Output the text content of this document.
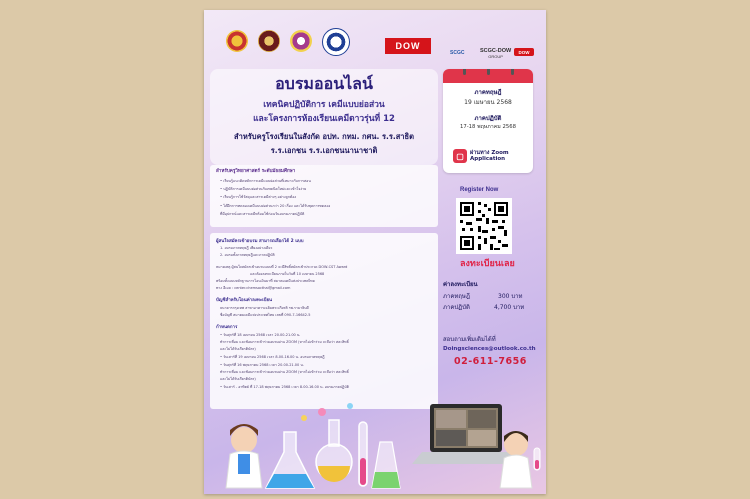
DOW
SCGC	SCGC-DOW
GROUP
DOW
อบรมออนไลน์
เทคนิคปฏิบัติการ เคมีแบบย่อส่วน
และโครงการห้องเรียนเคมีดาวรุ่นที่ 12
สำหรับครูโรงเรียนในสังกัด อปท. กทม. กศน. ร.ร.สาธิต
ร.ร.เอกชน ร.ร.เอกชนนานาชาติ
ภาคทฤษฎี
19 เมษายน 2568
ภาคปฏิบัติ
17-18 พฤษภาคม 2568
▢	ผ่านทาง Zoom
Application
สำหรับครูวิทยาศาสตร์ ระดับมัธยมศึกษา
• เรียนรู้แนวคิดหลักการเคมีแบบย่อส่วนที่เหมาะกับการสอน
• ปฏิบัติการเคมีแบบย่อส่วนกับเทคนิคใหม่และเข้าใจง่าย
• เรียนรู้การใช้วัสดุและสารเคมีต่างๆ อย่างถูกต้อง
• ได้ฝึกการทดลองเคมีแบบย่อส่วนกว่า 20 เรื่อง และได้รับชุดการทดลอง
ที่มีอุปกรณ์และสารเคมีพร้อมใช้ก่อนวันอบรมภาคปฏิบัติ
Register Now
ลงทะเบียนเลย
ผู้สนใจสมัครเข้าอบรม สามารถเลือกได้ 2 แบบ
1. อบรมภาคทฤษฎี เพียงอย่างเดียว
2. อบรมทั้งภาคทฤษฎีและภาคปฏิบัติ
หมายเหตุ ผู้สนใจสมัครเข้าอบรมแบบที่ 2 จะมีสิทธิ์สมัครเข้าประกวด DOW-CST Award
และต้องลงทะเบียนภายในวันที่ 10 เมษายน 2568
พร้อมทั้งแนบหลักฐานการโอนเงินมาที่ สมาคมเคมีแห่งประเทศไทย
ทาง อีเมล : center.chemsocthai@gmail.com
บัญชีสำหรับโอนค่าลงทะเบียน
ธนาคารกรุงเทพ สาขาอาคารเฉลิมพระเกียรติ รพ.รามาธิบดี
ชื่อบัญชี สมาคมเคมีแห่งประเทศไทย เลขที่ 090-7-16642-5
กำหนดการ
• วันศุกร์ที่ 18 เมษายน 2568 เวลา 20.00-21.00 น.
ทำการเชื่อม และซ้อมการเข้าร่วมอบรมผ่าน ZOOM (หากไม่เข้าร่วม จะถือว่า สละสิทธิ์
และไม่ได้รับเกียรติบัตร)
• วันเสาร์ที่ 19 เมษายน 2568 เวลา 8.00-16.00 น. อบรมภาคทฤษฎี
• วันศุกร์ที่ 16 พฤษภาคม 2568 เวลา 20.00-21.00 น.
ทำการเชื่อม และซ้อมการเข้าร่วมอบรมผ่าน ZOOM (หากไม่เข้าร่วม จะถือว่า สละสิทธิ์
และไม่ได้รับเกียรติบัตร)
• วันเสาร์ - อาทิตย์ ที่ 17-18 พฤษภาคม 2568 เวลา 8.00-16.00 น. อบรมภาคปฏิบัติ
ค่าลงทะเบียน
ภาคทฤษฎี	300 บาท
ภาคปฏิบัติ	4,700 บาท
สอบถามเพิ่มเติมได้ที่
Doingsciences@outlook.co.th
02-611-7656
